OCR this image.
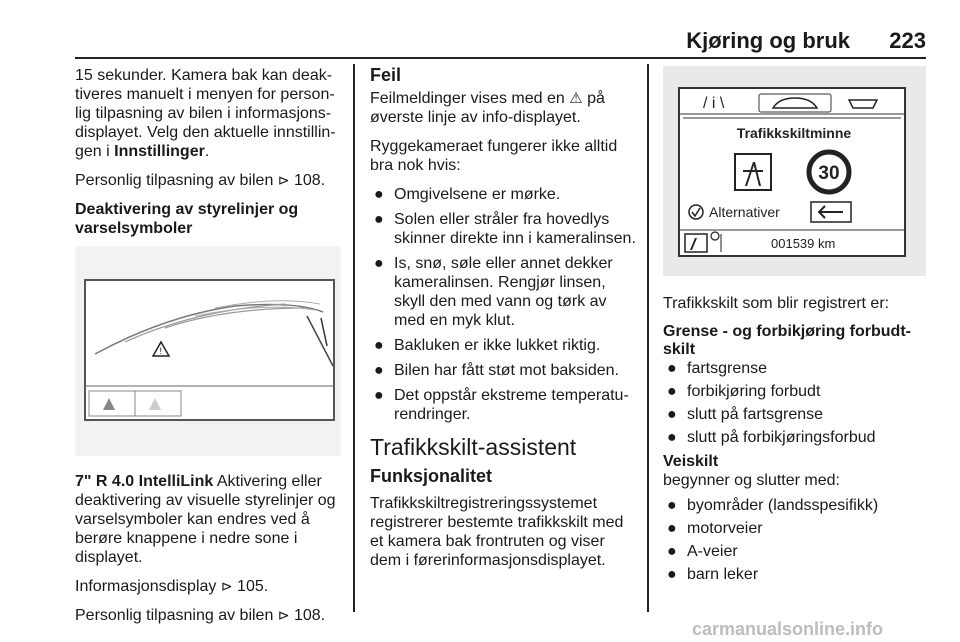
Kjøring og bruk 223

15 sekunder. Kamera bak kan deaktiveres manuelt i menyen for personlig tilpasning av bilen i informasjonsdisplayet. Velg den aktuelle innstillingen i Innstillinger.

Personlig tilpasning av bilen ⊳ 108.

Deaktivering av styrelinjer og varselsymboler
!

7" R 4.0 IntelliLink Aktivering eller deaktivering av visuelle styrelinjer og varselsymboler kan endres ved å berøre knappene i nedre sone i displayet.

Informasjonsdisplay ⊳ 105.

Personlig tilpasning av bilen ⊳ 108.

Feil

Feilmeldinger vises med en ⚠ på øverste linje av info-displayet.

Ryggekameraet fungerer ikke alltid bra nok hvis:

● Omgivelsene er mørke.
● Solen eller stråler fra hovedlys skinner direkte inn i kameralinsen.
● Is, snø, søle eller annet dekker kameralinsen. Rengjør linsen, skyll den med vann og tørk av med en myk klut.
● Bakluken er ikke lukket riktig.
● Bilen har fått støt mot baksiden.
● Det oppstår ekstreme temperaturendringer.
Trafikkskilt-assistent
Funksjonalitet

Trafikkskiltregistreringssystemet registrerer bestemte trafikkskilt med et kamera bak frontruten og viser dem i førerinformasjonsdisplayet.

/ i \
Trafikkskiltminne
30
Alternativer
001539 km

Trafikkskilt som blir registrert er:

Grense - og forbikjøring forbudt-skilt
● fartsgrense
● forbikjøring forbudt
● slutt på fartsgrense
● slutt på forbikjøringsforbud
Veiskilt

begynner og slutter med:

● byområder (landsspesifikk)
● motorveier
● A-veier
● barn leker
carmanualsonline.info
